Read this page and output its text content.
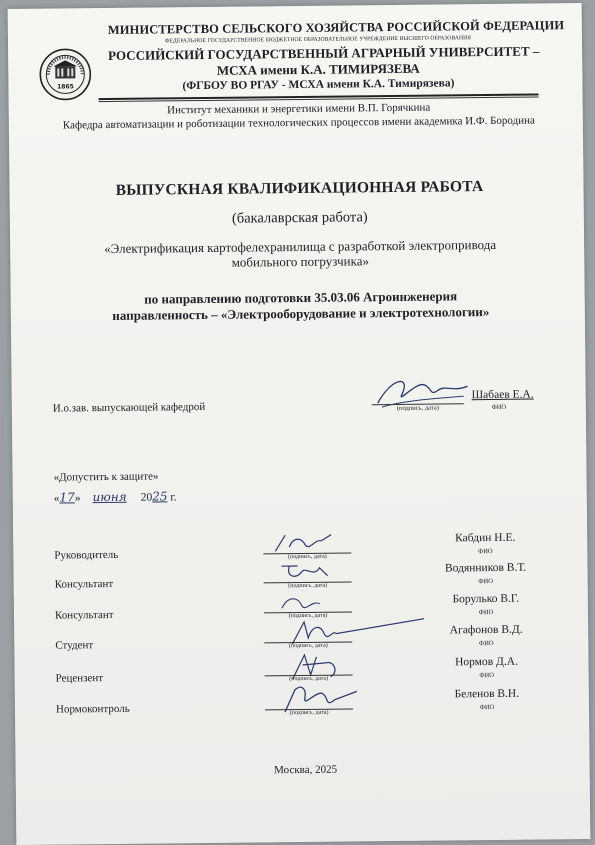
1865
МИНИСТЕРСТВО СЕЛЬСКОГО ХОЗЯЙСТВА РОССИЙСКОЙ ФЕДЕРАЦИИ
ФЕДЕРАЛЬНОЕ ГОСУДАРСТВЕННОЕ БЮДЖЕТНОЕ ОБРАЗОВАТЕЛЬНОЕ УЧРЕЖДЕНИЕ ВЫСШЕГО ОБРАЗОВАНИЯ
РОССИЙСКИЙ ГОСУДАРСТВЕННЫЙ АГРАРНЫЙ УНИВЕРСИТЕТ –
МСХА имени К.А. ТИМИРЯЗЕВА
(ФГБОУ ВО РГАУ - МСХА имени К.А. Тимирязева)
Институт механики и энергетики имени В.П. Горячкина
Кафедра автоматизации и роботизации технологических процессов имени академика И.Ф. Бородина
ВЫПУСКНАЯ КВАЛИФИКАЦИОННАЯ РАБОТА
(бакалаврская работа)
«Электрификация картофелехранилища с разработкой электропривода
мобильного погрузчика»
по направлению подготовки 35.03.06 Агроинженерия
направленность – «Электрооборудование и электротехнологии»
И.о.зав. выпускающей кафедрой	(подпись, дата)
Шабаев Е.А.
ФИО
«Допустить к защите»
«17» июня 2025 г.
Руководитель	(подпись, дата)
Кабдин Н.Е.
ФИО
Консультант	(подпись, дата)
Водянников В.Т.
ФИО
Консультант	(подпись, дата)
Борулько В.Г.
ФИО
Студент	(подпись, дата)
Агафонов В.Д.
ФИО
Рецензент	(подпись, дата)
Нормов Д.А.
ФИО
Нормоконтроль	(подпись, дата)
Беленов В.Н.
ФИО
Москва, 2025
